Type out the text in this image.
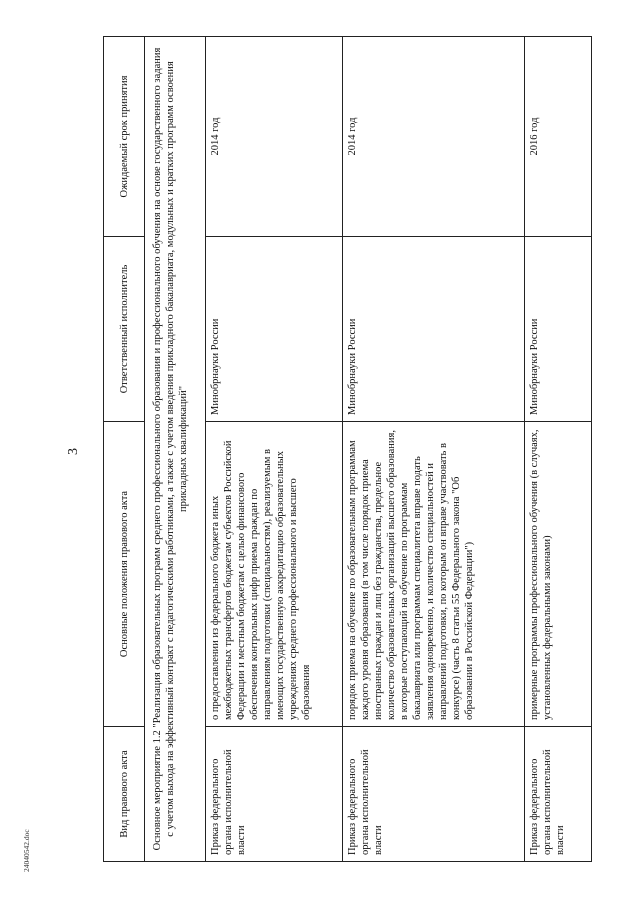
3
Вид правового акта	Основные положения правового акта	Ответственный исполнитель	Ожидаемый срок принятия
Основное мероприятие 1.2 "Реализация образовательных программ среднего профессионального образования и профессионального обучения на основе государственного задания с учетом выхода на эффективный контракт с педагогическими работниками, а также с учетом введения прикладного бакалавриата, модульных и кратких программ освоения прикладных квалификаций"			
Приказ федерального органа исполнительной власти	о предоставлении из федерального бюджета иных межбюджетных трансфертов бюджетам субъектов Российской Федерации и местным бюджетам с целью финансового обеспечения контрольных цифр приема граждан по направлениям подготовки (специальностям), реализуемым в имеющих государственную аккредитацию образовательных учреждениях среднего профессионального и высшего образования	Минобрнауки России	2014 год
Приказ федерального органа исполнительной власти	порядок приема на обучение по образовательным программам каждого уровня образования (в том числе порядок приема иностранных граждан и лиц без гражданства, предельное количество образовательных организаций высшего образования, в которые поступающий на обучение по программам бакалавриата или программам специалитета вправе подать заявления одновременно, и количество специальностей и направлений подготовки, по которым он вправе участвовать в конкурсе) (часть 8 статьи 55 Федерального закона "Об образовании в Российской Федерации")	Минобрнауки России	2014 год
Приказ федерального органа исполнительной власти	примерные программы профессионального обучения (в случаях, установленных федеральными законами)	Минобрнауки России	2016 год
24040542.doc
